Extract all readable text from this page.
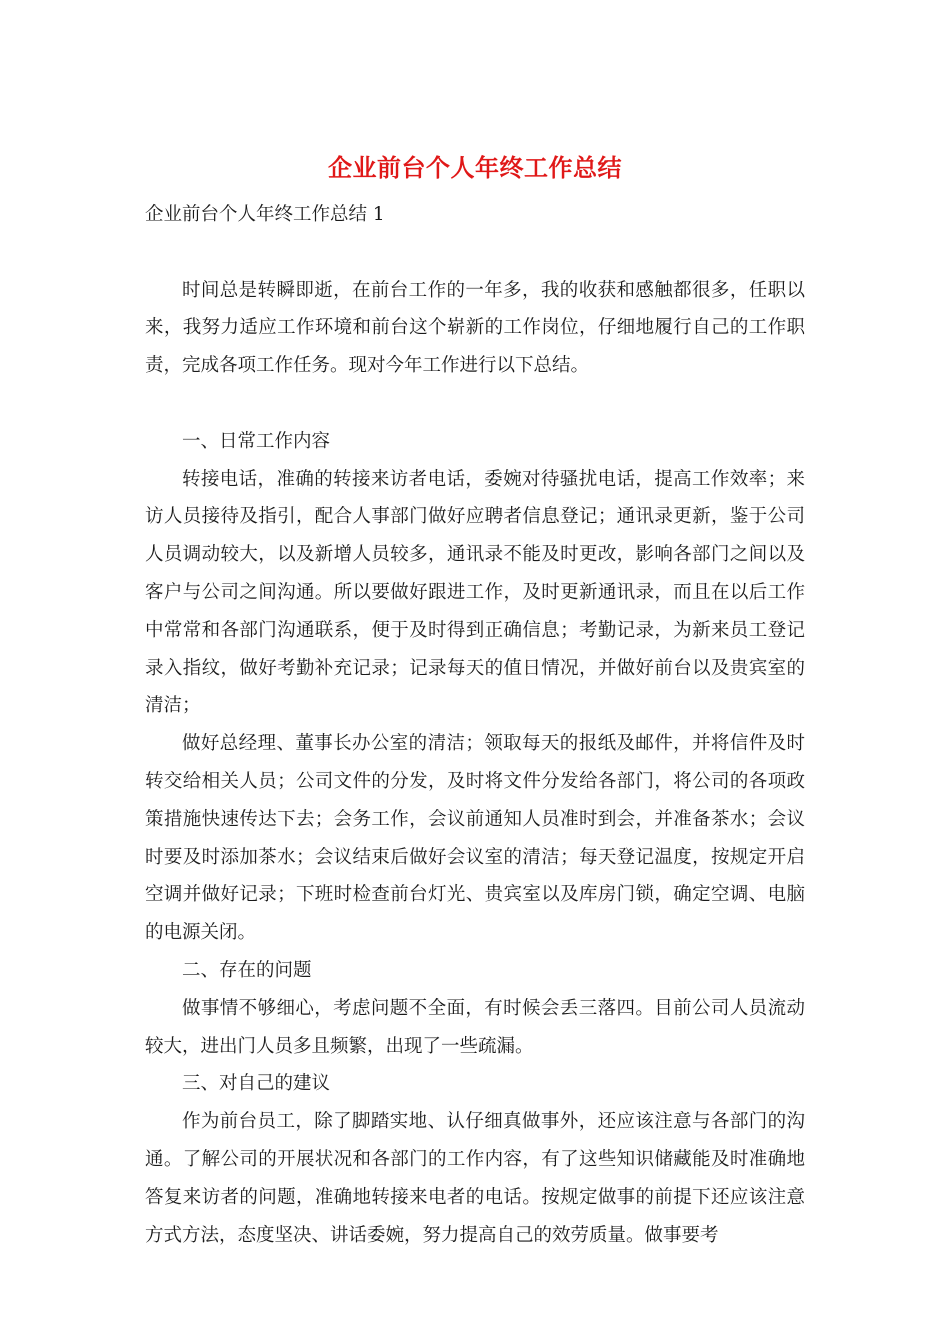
企业前台个人年终工作总结

企业前台个人年终工作总结 1

时间总是转瞬即逝，在前台工作的一年多，我的收获和感触都很多，任职以来，我努力适应工作环境和前台这个崭新的工作岗位，仔细地履行自己的工作职责，完成各项工作任务。现对今年工作进行以下总结。

一、日常工作内容

转接电话，准确的转接来访者电话，委婉对待骚扰电话，提高工作效率；来访人员接待及指引，配合人事部门做好应聘者信息登记；通讯录更新，鉴于公司人员调动较大，以及新增人员较多，通讯录不能及时更改，影响各部门之间以及客户与公司之间沟通。所以要做好跟进工作，及时更新通讯录，而且在以后工作中常常和各部门沟通联系，便于及时得到正确信息；考勤记录，为新来员工登记录入指纹，做好考勤补充记录；记录每天的值日情况，并做好前台以及贵宾室的清洁；

做好总经理、董事长办公室的清洁；领取每天的报纸及邮件，并将信件及时转交给相关人员；公司文件的分发，及时将文件分发给各部门，将公司的各项政策措施快速传达下去；会务工作，会议前通知人员准时到会，并准备茶水；会议时要及时添加茶水；会议结束后做好会议室的清洁；每天登记温度，按规定开启空调并做好记录；下班时检查前台灯光、贵宾室以及库房门锁，确定空调、电脑的电源关闭。

二、存在的问题

做事情不够细心，考虑问题不全面，有时候会丢三落四。目前公司人员流动较大，进出门人员多且频繁，出现了一些疏漏。

三、对自己的建议

作为前台员工，除了脚踏实地、认仔细真做事外，还应该注意与各部门的沟通。了解公司的开展状况和各部门的工作内容，有了这些知识储藏能及时准确地答复来访者的问题，准确地转接来电者的电话。按规定做事的前提下还应该注意方式方法，态度坚决、讲话委婉，努力提高自己的效劳质量。做事要考
